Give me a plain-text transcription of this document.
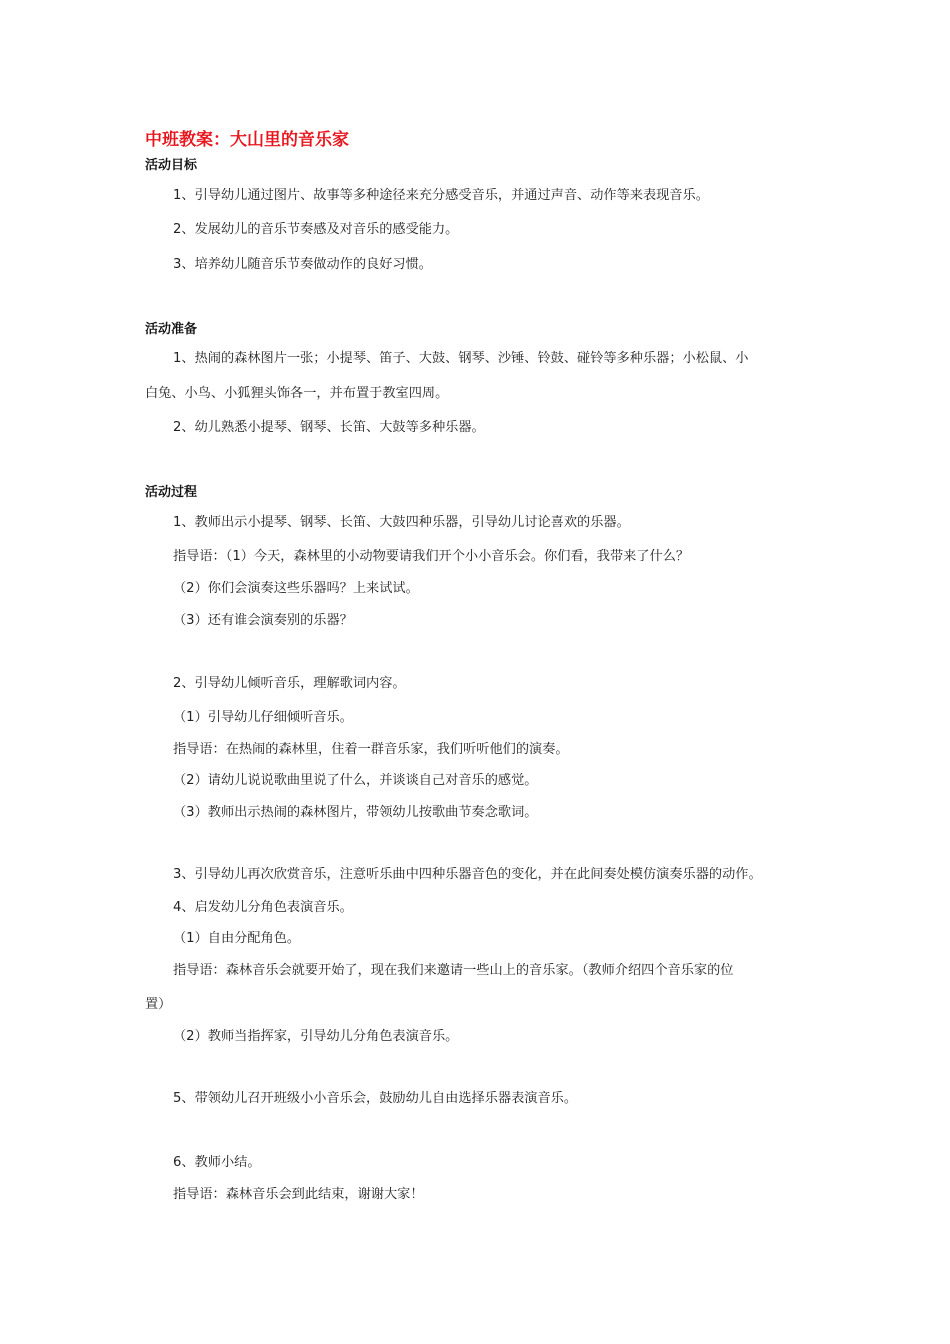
中班教案：大山里的音乐家
活动目标
1、引导幼儿通过图片、故事等多种途径来充分感受音乐，并通过声音、动作等来表现音乐。
2、发展幼儿的音乐节奏感及对音乐的感受能力。
3、培养幼儿随音乐节奏做动作的良好习惯。
活动准备
1、热闹的森林图片一张；小提琴、笛子、大鼓、钢琴、沙锤、铃鼓、碰铃等多种乐器；小松鼠、小
白兔、小鸟、小狐狸头饰各一，并布置于教室四周。
2、幼儿熟悉小提琴、钢琴、长笛、大鼓等多种乐器。
活动过程
1、教师出示小提琴、钢琴、长笛、大鼓四种乐器，引导幼儿讨论喜欢的乐器。
指导语：（1）今天，森林里的小动物要请我们开个小小音乐会。你们看，我带来了什么？
（2）你们会演奏这些乐器吗？上来试试。
（3）还有谁会演奏别的乐器？
2、引导幼儿倾听音乐，理解歌词内容。
（1）引导幼儿仔细倾听音乐。
指导语：在热闹的森林里，住着一群音乐家，我们听听他们的演奏。
（2）请幼儿说说歌曲里说了什么，并谈谈自己对音乐的感觉。
（3）教师出示热闹的森林图片，带领幼儿按歌曲节奏念歌词。
3、引导幼儿再次欣赏音乐，注意听乐曲中四种乐器音色的变化，并在此间奏处模仿演奏乐器的动作。
4、启发幼儿分角色表演音乐。
（1）自由分配角色。
指导语：森林音乐会就要开始了，现在我们来邀请一些山上的音乐家。（教师介绍四个音乐家的位
置）
（2）教师当指挥家，引导幼儿分角色表演音乐。
5、带领幼儿召开班级小小音乐会，鼓励幼儿自由选择乐器表演音乐。
6、教师小结。
指导语：森林音乐会到此结束，谢谢大家！
